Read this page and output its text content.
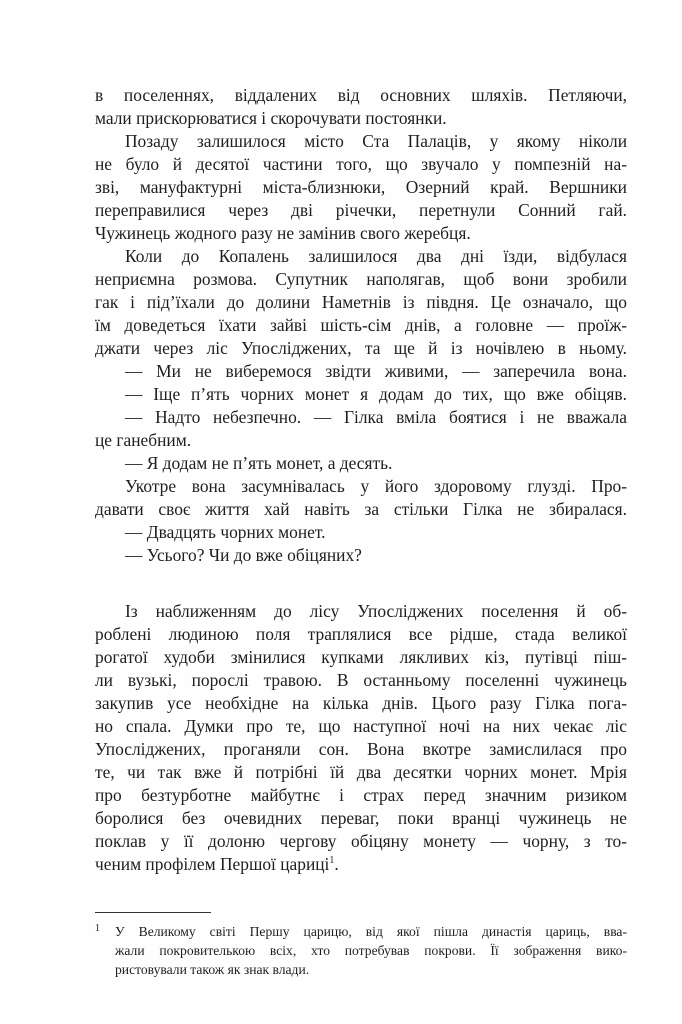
в поселеннях, віддалених від основних шляхів. Петляючи,
мали прискорюватися і скорочувати постоянки.
Позаду залишилося місто Ста Палаців, у якому ніколи
не було й десятої частини того, що звучало у помпезній на-
зві, мануфактурні міста-близнюки, Озерний край. Вершники
переправилися через дві річечки, перетнули Сонний гай.
Чужинець жодного разу не замінив свого жеребця.
Коли до Копалень залишилося два дні їзди, відбулася
неприємна розмова. Супутник наполягав, щоб вони зробили
гак і під’їхали до долини Наметнів із півдня. Це означало, що
їм доведеться їхати зайві шість-сім днів, а головне — проїж-
джати через ліс Упосліджених, та ще й із ночівлею в ньому.
— Ми не виберемося звідти живими, — заперечила вона.
— Іще п’ять чорних монет я додам до тих, що вже обіцяв.
— Надто небезпечно. — Гілка вміла боятися і не вважала
це ганебним.
— Я додам не п’ять монет, а десять.
Укотре вона засумнівалась у його здоровому глузді. Про-
давати своє життя хай навіть за стільки Гілка не збиралася.
— Двадцять чорних монет.
— Усього? Чи до вже обіцяних?
Із наближенням до лісу Упосліджених поселення й об-
роблені людиною поля траплялися все рідше, стада великої
рогатої худоби змінилися купками лякливих кіз, путівці пiш-
ли вузькі, порослі травою. В останньому поселенні чужинець
закупив усе необхідне на кілька днів. Цього разу Гілка пога-
но спала. Думки про те, що наступної ночі на них чекає ліс
Упосліджених, проганяли сон. Вона вкотре замислилася про
те, чи так вже й потрібні їй два десятки чорних монет. Мрія
про безтурботне майбутнє і страх перед значним ризиком
боролися без очевидних переваг, поки вранці чужинець не
поклав у її долоню чергову обіцяну монету — чорну, з то-
ченим профілем Першої цариці$^1$.
1 У Великому світі Першу царицю, від якої пішла династія цариць, вва-
жали покровителькою всіх, хто потребував покрови. Її зображення вико-
ристовували також як знак влади.
